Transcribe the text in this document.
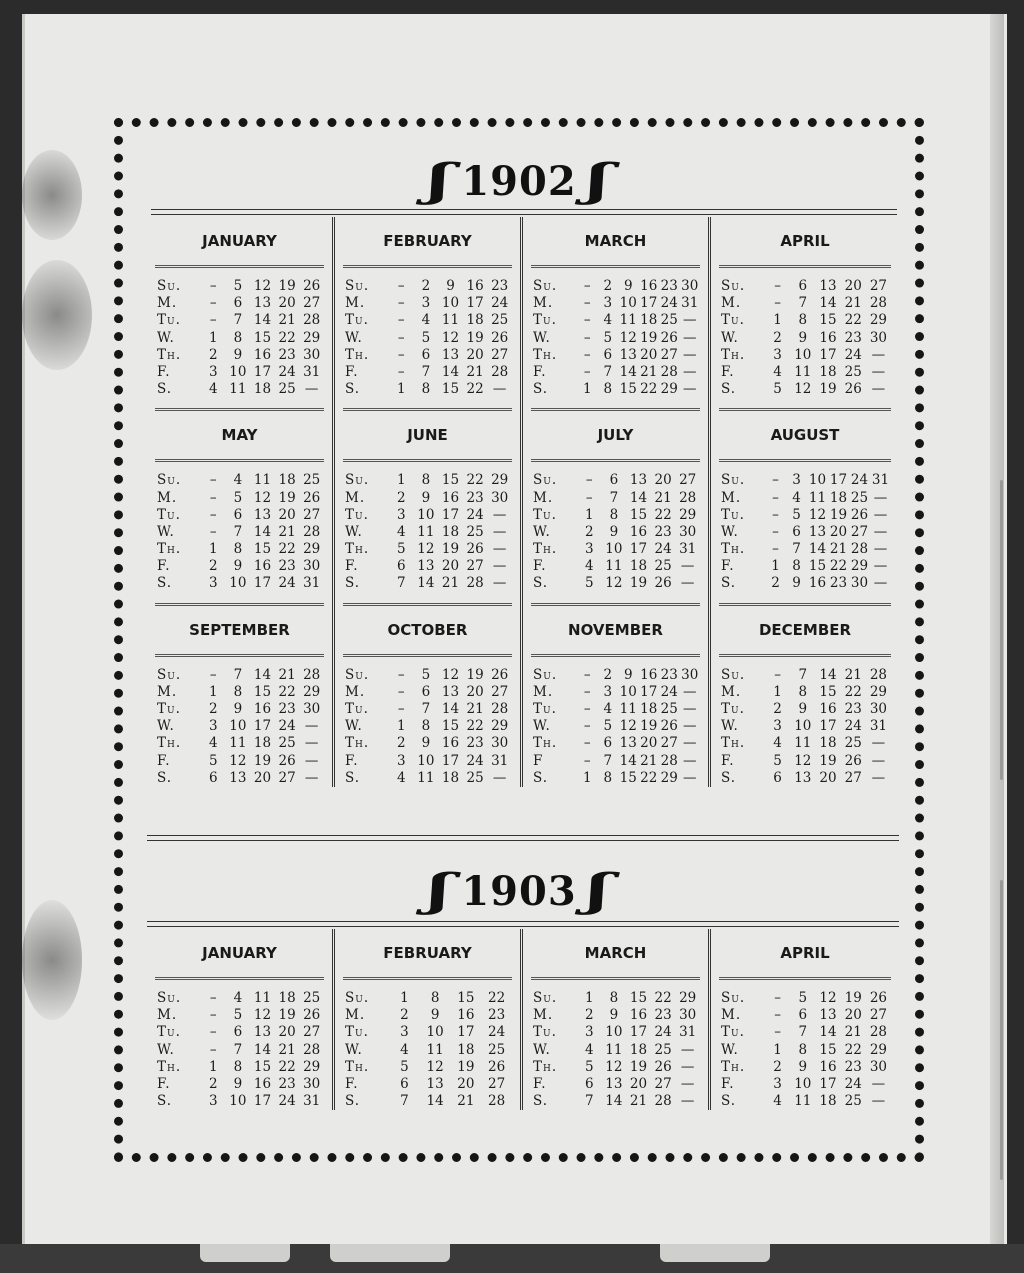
ʃ 1902 ʃ
JANUARY
Su.	–	5 12 19 26
M.	–	6 13 20 27
Tu.	–	7 14 21 28
W.	1	8 15 22 29
Th.	2	9 16 23 30
F.	3 10 17 24 31
S.	4 11 18 25 —
FEBRUARY
Su.	–	2	9 16 23
M.	–	3 10 17 24
Tu.	–	4 11 18 25
W.	–	5 12 19 26
Th.	–	6 13 20 27
F.	–	7 14 21 28
S.	1	8 15 22 —
MARCH
Su.	– 2 9 16 23 30
M.	– 3 10 17 24 31
Tu.	– 4 11 18 25 —
W.	– 5 12 19 26 —
Th.	– 6 13 20 27 —
F.	– 7 14 21 28 —
S.	1 8 15 22 29 —
APRIL
Su.	–	6 13 20 27
M.	–	7 14 21 28
Tu.	1	8 15 22 29
W.	2	9 16 23 30
Th.	3 10 17 24 —
F.	4 11 18 25 —
S.	5 12 19 26 —
MAY
Su.	–	4 11 18 25
M.	–	5 12 19 26
Tu.	–	6 13 20 27
W.	–	7 14 21 28
Th.	1	8 15 22 29
F.	2	9 16 23 30
S.	3 10 17 24 31
JUNE
Su.	1	8 15 22 29
M.	2	9 16 23 30
Tu.	3 10 17 24 —
W.	4 11 18 25 —
Th.	5 12 19 26 —
F.	6 13 20 27 —
S.	7 14 21 28 —
JULY
Su.	–	6 13 20 27
M.	–	7 14 21 28
Tu.	1	8 15 22 29
W.	2	9 16 23 30
Th.	3 10 17 24 31
F.	4 11 18 25 —
S.	5 12 19 26 —
AUGUST
Su.	– 3 10 17 24 31
M.	– 4 11 18 25 —
Tu.	– 5 12 19 26 —
W.	– 6 13 20 27 —
Th.	– 7 14 21 28 —
F.	1 8 15 22 29 —
S.	2 9 16 23 30 —
SEPTEMBER
Su.	–	7 14 21 28
M.	1	8 15 22 29
Tu.	2	9 16 23 30
W.	3 10 17 24 —
Th.	4 11 18 25 —
F.	5 12 19 26 —
S.	6 13 20 27 —
OCTOBER
Su.	–	5 12 19 26
M.	–	6 13 20 27
Tu.	–	7 14 21 28
W.	1	8 15 22 29
Th.	2	9 16 23 30
F.	3 10 17 24 31
S.	4 11 18 25 —
NOVEMBER
Su.	– 2 9 16 23 30
M.	– 3 10 17 24 —
Tu.	– 4 11 18 25 —
W.	– 5 12 19 26 —
Th.	– 6 13 20 27 —
F	– 7 14 21 28 —
S.	1 8 15 22 29 —
DECEMBER
Su.	–	7 14 21 28
M.	1	8 15 22 29
Tu.	2	9 16 23 30
W.	3 10 17 24 31
Th.	4 11 18 25 —
F.	5 12 19 26 —
S.	6 13 20 27 —
ʃ 1903 ʃ
JANUARY
Su.	–	4 11 18 25
M.	–	5 12 19 26
Tu.	–	6 13 20 27
W.	–	7 14 21 28
Th.	1	8 15 22 29
F.	2	9 16 23 30
S.	3 10 17 24 31
FEBRUARY
Su.	1	8	15	22
M.	2	9	16	23
Tu.	3	10	17	24
W.	4	11	18	25
Th.	5	12	19	26
F.	6	13	20	27
S.	7	14	21	28
MARCH
Su.	1	8 15 22 29
M.	2	9 16 23 30
Tu.	3 10 17 24 31
W.	4 11 18 25 —
Th.	5 12 19 26 —
F.	6 13 20 27 —
S.	7 14 21 28 —
APRIL
Su.	–	5 12 19 26
M.	–	6 13 20 27
Tu.	–	7 14 21 28
W.	1	8 15 22 29
Th.	2	9 16 23 30
F.	3 10 17 24 —
S.	4 11 18 25 —
